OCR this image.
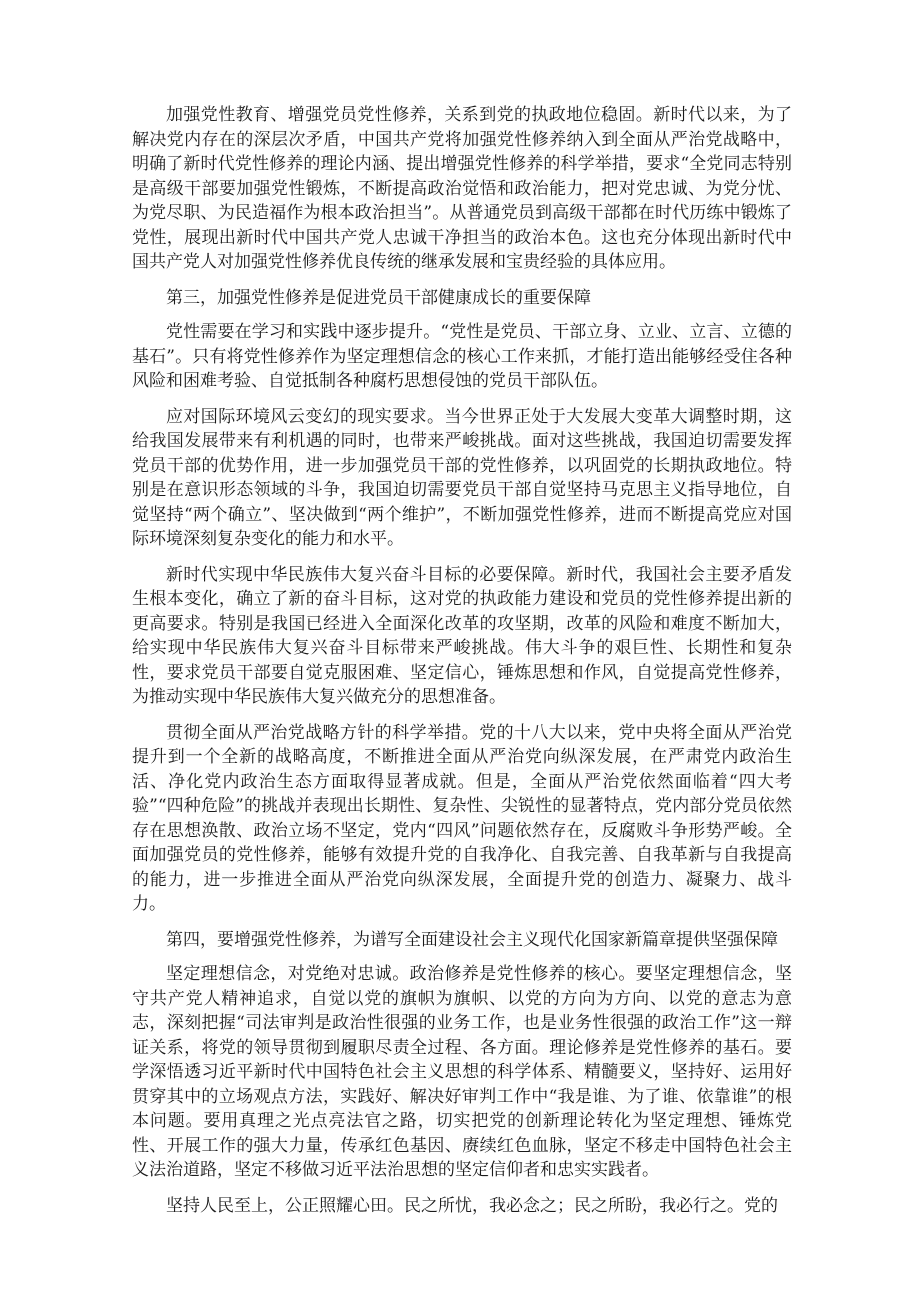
加强党性教育、增强党员党性修养，关系到党的执政地位稳固。新时代以来，为了解决党内存在的深层次矛盾，中国共产党将加强党性修养纳入到全面从严治党战略中，明确了新时代党性修养的理论内涵、提出增强党性修养的科学举措，要求“全党同志特别是高级干部要加强党性锻炼，不断提高政治觉悟和政治能力，把对党忠诚、为党分忧、为党尽职、为民造福作为根本政治担当”。从普通党员到高级干部都在时代历练中锻炼了党性，展现出新时代中国共产党人忠诚干净担当的政治本色。这也充分体现出新时代中国共产党人对加强党性修养优良传统的继承发展和宝贵经验的具体应用。

第三，加强党性修养是促进党员干部健康成长的重要保障

党性需要在学习和实践中逐步提升。“党性是党员、干部立身、立业、立言、立德的基石”。只有将党性修养作为坚定理想信念的核心工作来抓，才能打造出能够经受住各种风险和困难考验、自觉抵制各种腐朽思想侵蚀的党员干部队伍。

应对国际环境风云变幻的现实要求。当今世界正处于大发展大变革大调整时期，这给我国发展带来有利机遇的同时，也带来严峻挑战。面对这些挑战，我国迫切需要发挥党员干部的优势作用，进一步加强党员干部的党性修养，以巩固党的长期执政地位。特别是在意识形态领域的斗争，我国迫切需要党员干部自觉坚持马克思主义指导地位，自觉坚持“两个确立”、坚决做到“两个维护”，不断加强党性修养，进而不断提高党应对国际环境深刻复杂变化的能力和水平。

新时代实现中华民族伟大复兴奋斗目标的必要保障。新时代，我国社会主要矛盾发生根本变化，确立了新的奋斗目标，这对党的执政能力建设和党员的党性修养提出新的更高要求。特别是我国已经进入全面深化改革的攻坚期，改革的风险和难度不断加大，给实现中华民族伟大复兴奋斗目标带来严峻挑战。伟大斗争的艰巨性、长期性和复杂性，要求党员干部要自觉克服困难、坚定信心，锤炼思想和作风，自觉提高党性修养，为推动实现中华民族伟大复兴做充分的思想准备。

贯彻全面从严治党战略方针的科学举措。党的十八大以来，党中央将全面从严治党提升到一个全新的战略高度，不断推进全面从严治党向纵深发展，在严肃党内政治生活、净化党内政治生态方面取得显著成就。但是，全面从严治党依然面临着“四大考验”“四种危险”的挑战并表现出长期性、复杂性、尖锐性的显著特点，党内部分党员依然存在思想涣散、政治立场不坚定，党内“四风”问题依然存在，反腐败斗争形势严峻。全面加强党员的党性修养，能够有效提升党的自我净化、自我完善、自我革新与自我提高的能力，进一步推进全面从严治党向纵深发展，全面提升党的创造力、凝聚力、战斗力。

第四，要增强党性修养，为谱写全面建设社会主义现代化国家新篇章提供坚强保障

坚定理想信念，对党绝对忠诚。政治修养是党性修养的核心。要坚定理想信念，坚守共产党人精神追求，自觉以党的旗帜为旗帜、以党的方向为方向、以党的意志为意志，深刻把握“司法审判是政治性很强的业务工作，也是业务性很强的政治工作”这一辩证关系，将党的领导贯彻到履职尽责全过程、各方面。理论修养是党性修养的基石。要学深悟透习近平新时代中国特色社会主义思想的科学体系、精髓要义，坚持好、运用好贯穿其中的立场观点方法，实践好、解决好审判工作中“我是谁、为了谁、依靠谁”的根本问题。要用真理之光点亮法官之路，切实把党的创新理论转化为坚定理想、锤炼党性、开展工作的强大力量，传承红色基因、赓续红色血脉，坚定不移走中国特色社会主义法治道路，坚定不移做习近平法治思想的坚定信仰者和忠实实践者。

坚持人民至上，公正照耀心田。民之所忧，我必念之；民之所盼，我必行之。党的
